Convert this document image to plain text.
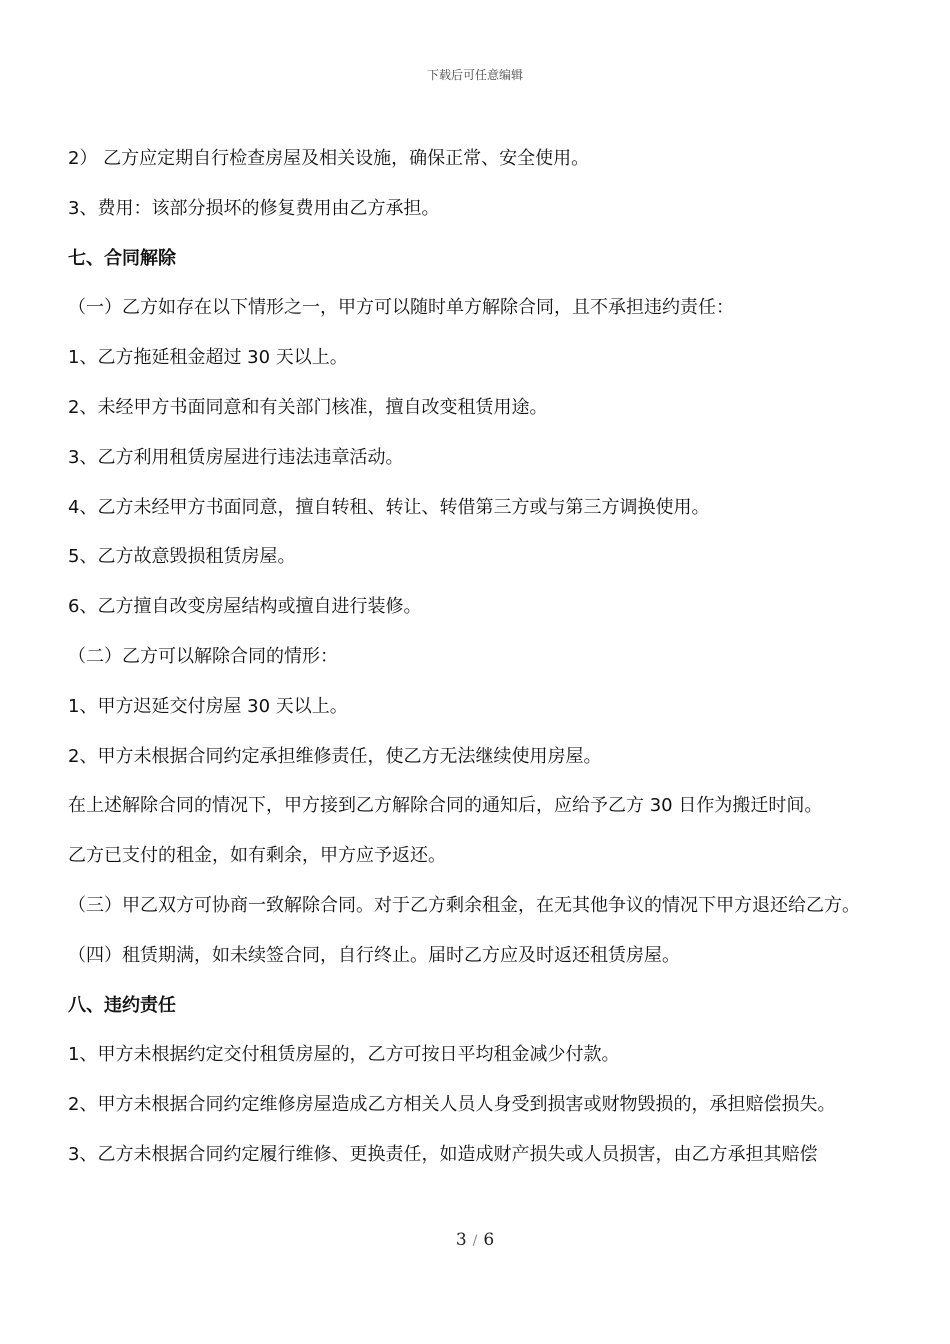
下载后可任意编辑
2） 乙方应定期自行检查房屋及相关设施，确保正常、安全使用。
3、费用：该部分损坏的修复费用由乙方承担。
七、合同解除
（一）乙方如存在以下情形之一，甲方可以随时单方解除合同，且不承担违约责任：
1、乙方拖延租金超过 30 天以上。
2、未经甲方书面同意和有关部门核准，擅自改变租赁用途。
3、乙方利用租赁房屋进行违法违章活动。
4、乙方未经甲方书面同意，擅自转租、转让、转借第三方或与第三方调换使用。
5、乙方故意毁损租赁房屋。
6、乙方擅自改变房屋结构或擅自进行装修。
（二）乙方可以解除合同的情形：
1、甲方迟延交付房屋 30 天以上。
2、甲方未根据合同约定承担维修责任，使乙方无法继续使用房屋。
在上述解除合同的情况下，甲方接到乙方解除合同的通知后，应给予乙方 30 日作为搬迁时间。
乙方已支付的租金，如有剩余，甲方应予返还。
（三）甲乙双方可协商一致解除合同。对于乙方剩余租金，在无其他争议的情况下甲方退还给乙方。
（四）租赁期满，如未续签合同，自行终止。届时乙方应及时返还租赁房屋。
八、违约责任
1、甲方未根据约定交付租赁房屋的，乙方可按日平均租金减少付款。
2、甲方未根据合同约定维修房屋造成乙方相关人员人身受到损害或财物毁损的，承担赔偿损失。
3、乙方未根据合同约定履行维修、更换责任，如造成财产损失或人员损害，由乙方承担其赔偿
3 / 6
